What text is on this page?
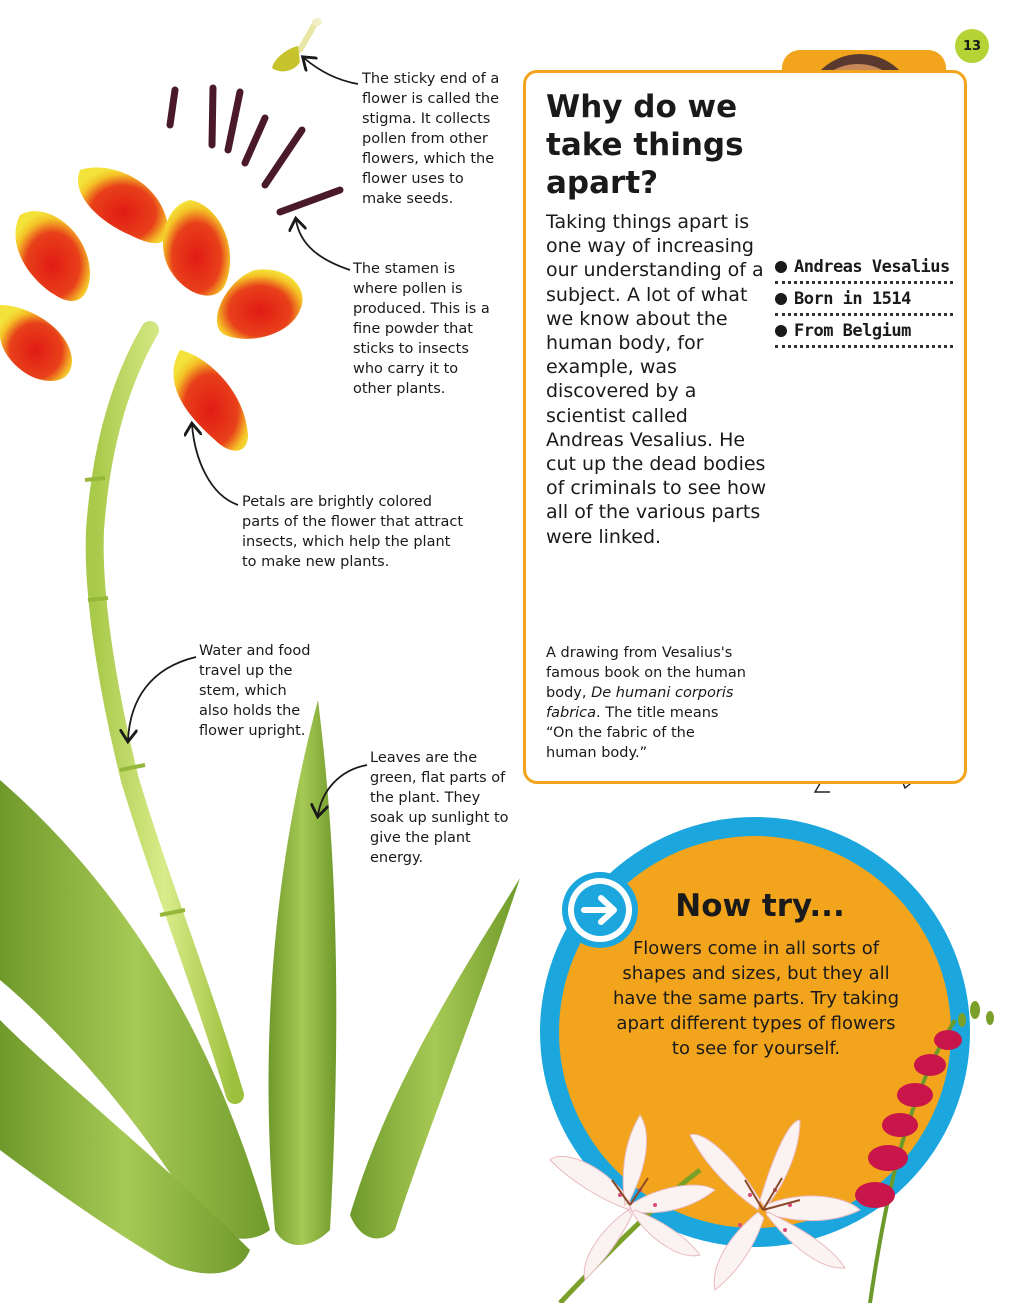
13

The sticky end of a flower is called the stigma. It collects pollen from other flowers, which the flower uses to make seeds.

The stamen is where pollen is produced. This is a fine powder that sticks to insects who carry it to other plants.

Petals are brightly colored parts of the flower that attract insects, which help the plant to make new plants.

Water and food travel up the stem, which also holds the flower upright.

Leaves are the green, flat parts of the plant. They soak up sunlight to give the plant energy.

Why do we take things apart?
Taking things apart is one way of increasing our understanding of a subject. A lot of what we know about the human body, for example, was discovered by a scientist called Andreas Vesalius. He cut up the dead bodies of criminals to see how all of the various parts were linked.
Andreas Vesalius
Born in 1514
From Belgium
A drawing from Vesalius's famous book on the human body, De humani corporis fabrica. The title means “On the fabric of the human body.”
Now try...
Flowers come in all sorts of shapes and sizes, but they all have the same parts. Try taking apart different types of flowers to see for yourself.
